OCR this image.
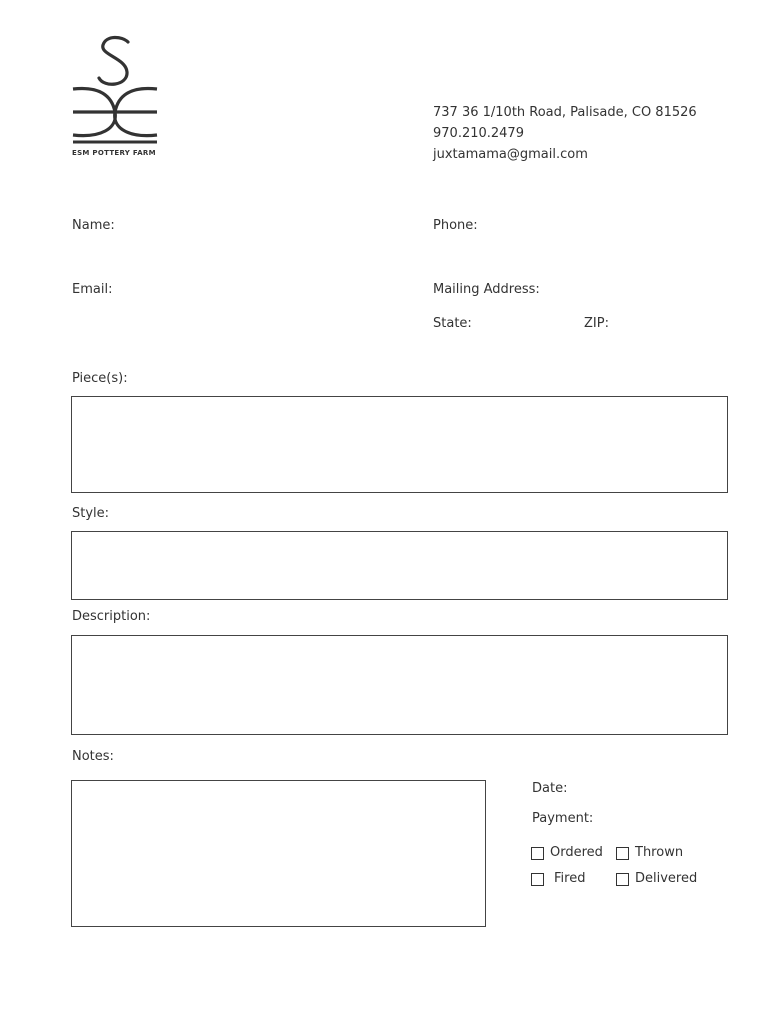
ESM POTTERY FARM
737 36 1/10th Road, Palisade, CO 81526
970.210.2479
juxtamama@gmail.com
Name:	Phone:
Email:	Mailing Address:
State:	ZIP:
Piece(s):
Style:
Description:
Notes:
Date:
Payment:
Ordered Thrown
Fired	Delivered
